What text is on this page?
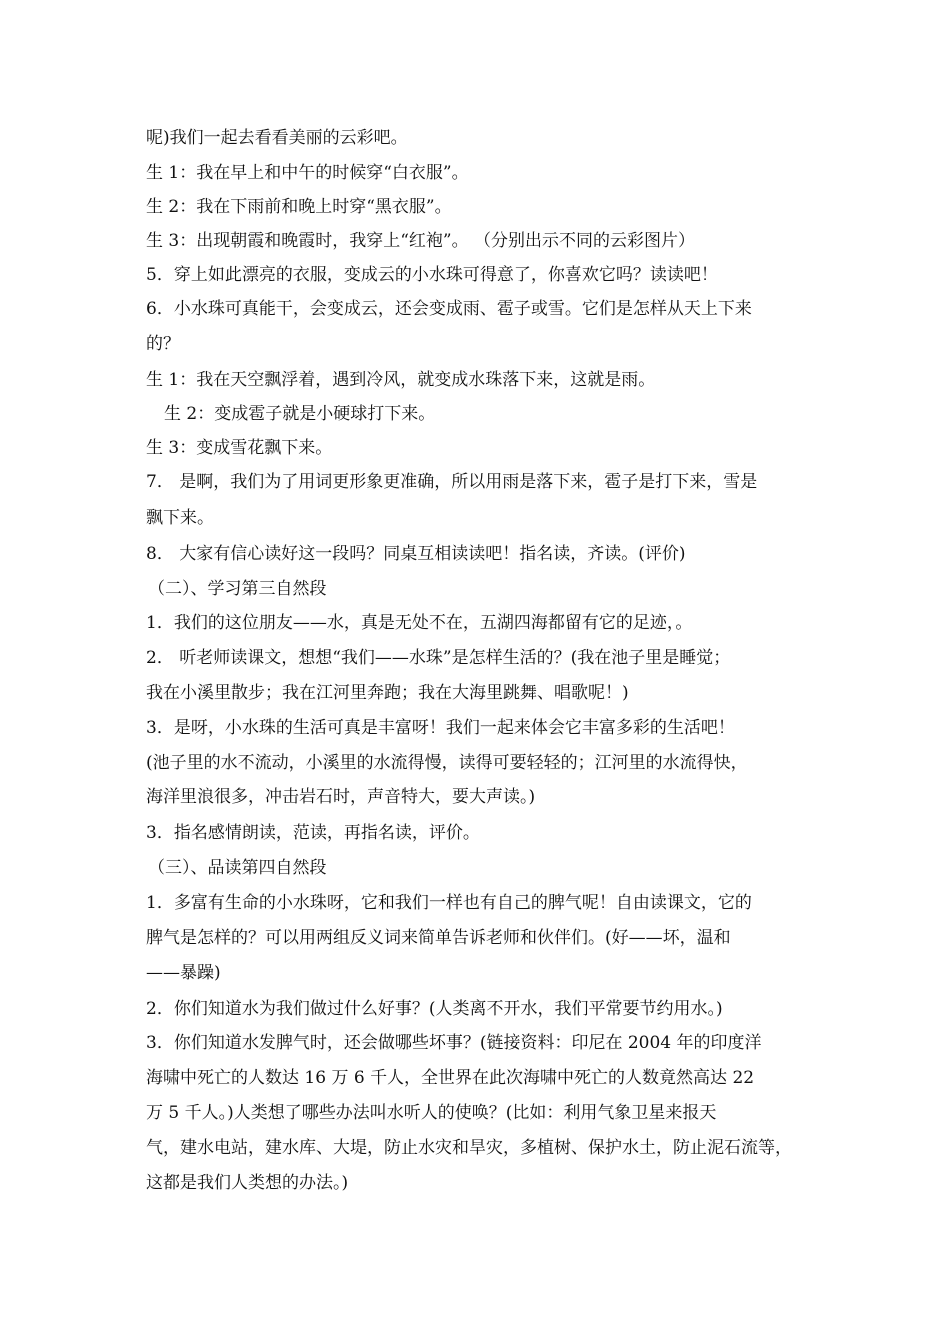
呢)我们一起去看看美丽的云彩吧。
生 1：我在早上和中午的时候穿“白衣服”。
生 2：我在下雨前和晚上时穿“黑衣服”。
生 3：出现朝霞和晚霞时，我穿上“红袍”。 （分别出示不同的云彩图片）
5．穿上如此漂亮的衣服，变成云的小水珠可得意了，你喜欢它吗？读读吧！
6．小水珠可真能干，会变成云，还会变成雨、雹子或雪。它们是怎样从天上下来
的？
生 1：我在天空飘浮着，遇到冷风，就变成水珠落下来，这就是雨。
生 2：变成雹子就是小硬球打下来。
生 3：变成雪花飘下来。
7． 是啊，我们为了用词更形象更准确，所以用雨是落下来，雹子是打下来，雪是
飘下来。
8． 大家有信心读好这一段吗？同桌互相读读吧！指名读，齐读。(评价)
（二）、学习第三自然段
1．我们的这位朋友——水，真是无处不在，五湖四海都留有它的足迹，。
2． 听老师读课文，想想“我们——水珠”是怎样生活的？(我在池子里是睡觉；
我在小溪里散步；我在江河里奔跑；我在大海里跳舞、唱歌呢！)
3．是呀，小水珠的生活可真是丰富呀！我们一起来体会它丰富多彩的生活吧！
(池子里的水不流动，小溪里的水流得慢，读得可要轻轻的；江河里的水流得快，
海洋里浪很多，冲击岩石时，声音特大，要大声读。)
3．指名感情朗读，范读，再指名读，评价。
（三）、品读第四自然段
1．多富有生命的小水珠呀，它和我们一样也有自己的脾气呢！自由读课文，它的
脾气是怎样的？可以用两组反义词来简单告诉老师和伙伴们。(好——坏，温和
——暴躁)
2．你们知道水为我们做过什么好事？(人类离不开水，我们平常要节约用水。)
3．你们知道水发脾气时，还会做哪些坏事？(链接资料：印尼在 2004 年的印度洋
海啸中死亡的人数达 16 万 6 千人，全世界在此次海啸中死亡的人数竟然高达 22
万 5 千人。)人类想了哪些办法叫水听人的使唤？(比如：利用气象卫星来报天
气，建水电站，建水库、大堤，防止水灾和旱灾，多植树、保护水土，防止泥石流等，
这都是我们人类想的办法。)
